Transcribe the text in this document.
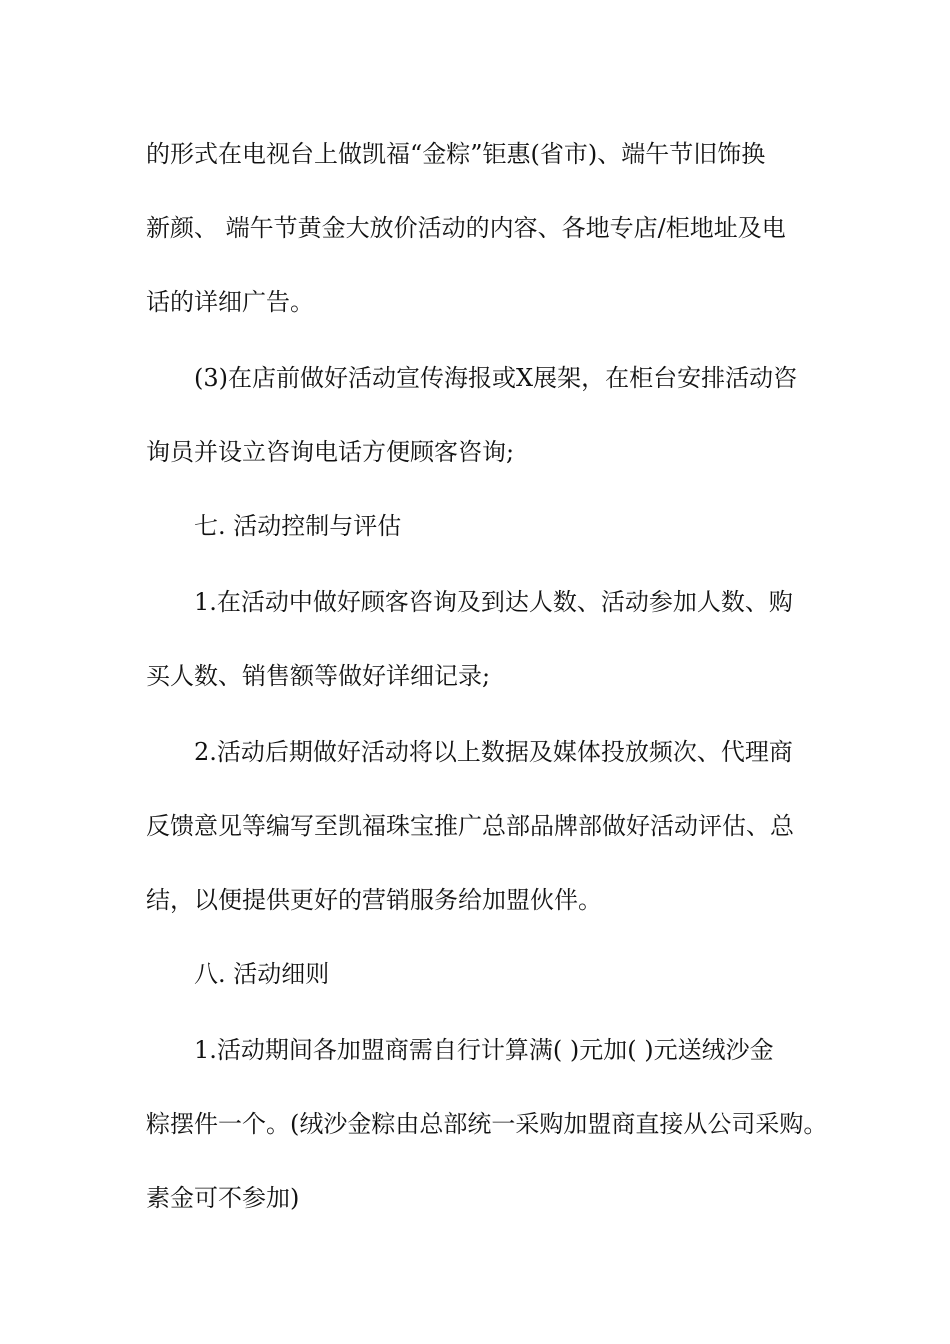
的形式在电视台上做凯福“金粽”钜惠(省市)、端午节旧饰换
新颜、 端午节黄金大放价活动的内容、各地专店/柜地址及电
话的详细广告。
(3)在店前做好活动宣传海报或X展架，在柜台安排活动咨
询员并设立咨询电话方便顾客咨询;
七. 活动控制与评估
1.在活动中做好顾客咨询及到达人数、活动参加人数、购
买人数、销售额等做好详细记录;
2.活动后期做好活动将以上数据及媒体投放频次、代理商
反馈意见等编写至凯福珠宝推广总部品牌部做好活动评估、总
结，以便提供更好的营销服务给加盟伙伴。
八. 活动细则
1.活动期间各加盟商需自行计算满( )元加( )元送绒沙金
粽摆件一个。(绒沙金粽由总部统一采购加盟商直接从公司采购。
素金可不参加)
